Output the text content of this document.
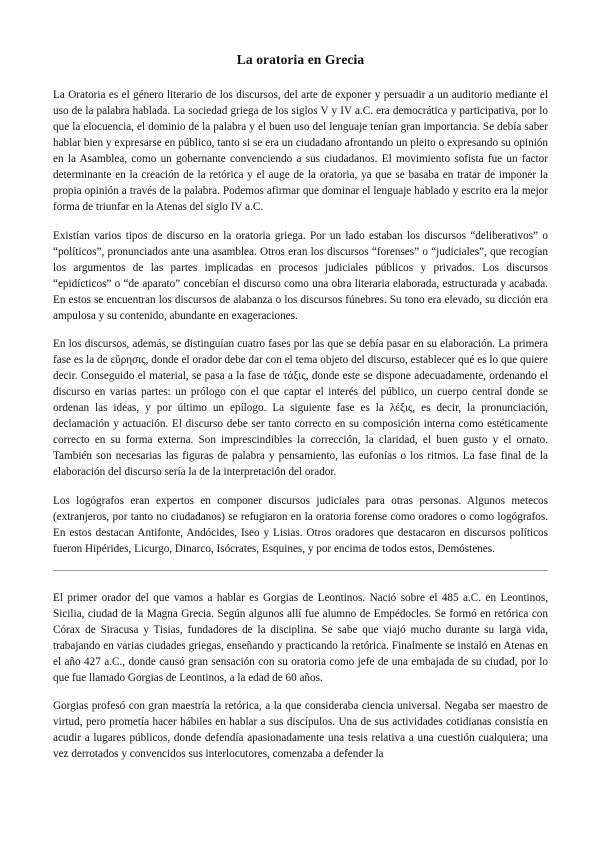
La oratoria en Grecia

La Oratoria es el género literario de los discursos, del arte de exponer y persuadir a un auditorio mediante el uso de la palabra hablada. La sociedad griega de los siglos V y IV a.C. era democrática y participativa, por lo que la elocuencia, el dominio de la palabra y el buen uso del lenguaje tenían gran importancia. Se debía saber hablar bien y expresarse en público, tanto si se era un ciudadano afrontando un pleito o expresando su opinión en la Asamblea, como un gobernante convenciendo a sus ciudadanos. El movimiento sofista fue un factor determinante en la creación de la retórica y el auge de la oratoria, ya que se basaba en tratar de imponer la propia opinión a través de la palabra. Podemos afirmar que dominar el lenguaje hablado y escrito era la mejor forma de triunfar en la Atenas del siglo IV a.C.

Existían varios tipos de discurso en la oratoria griega. Por un lado estaban los discursos “deliberativos” o “políticos”, pronunciados ante una asamblea. Otros eran los discursos “forenses” o “judiciales”, que recogían los argumentos de las partes implicadas en procesos judiciales públicos y privados. Los discursos “epidícticos” o “de aparato” concebían el discurso como una obra literaria elaborada, estructurada y acabada. En estos se encuentran los discursos de alabanza o los discursos fúnebres. Su tono era elevado, su dicción era ampulosa y su contenido, abundante en exageraciones.

En los discursos, además, se distinguían cuatro fases por las que se debía pasar en su elaboración. La primera fase es la de εὕρησις, donde el orador debe dar con el tema objeto del discurso, establecer qué es lo que quiere decir. Conseguido el material, se pasa a la fase de τάξις, donde este se dispone adecuadamente, ordenando el discurso en varias partes: un prólogo con el que captar el interés del público, un cuerpo central donde se ordenan las ideas, y por último un epílogo. La siguiente fase es la λέξις, es decir, la pronunciación, declamación y actuación. El discurso debe ser tanto correcto en su composición interna como estéticamente correcto en su forma externa. Son imprescindibles la corrección, la claridad, el buen gusto y el ornato. También son necesarias las figuras de palabra y pensamiento, las eufonías o los ritmos. La fase final de la elaboración del discurso sería la de la interpretación del orador.

Los logógrafos eran expertos en componer discursos judiciales para otras personas. Algunos metecos (extranjeros, por tanto no ciudadanos) se refugiaron en la oratoria forense como oradores o como logógrafos. En estos destacan Antifonte, Andócides, Iseo y Lisias. Otros oradores que destacaron en discursos políticos fueron Hipérides, Licurgo, Dinarco, Isócrates, Esquines, y por encima de todos estos, Demóstenes.

El primer orador del que vamos a hablar es Gorgias de Leontinos. Nació sobre el 485 a.C. en Leontinos, Sicilia, ciudad de la Magna Grecia. Según algunos allí fue alumno de Empédocles. Se formó en retórica con Córax de Siracusa y Tisias, fundadores de la disciplina. Se sabe que viajó mucho durante su larga vida, trabajando en varias ciudades griegas, enseñando y practicando la retórica. Finalmente se instaló en Atenas en el año 427 a.C., donde causó gran sensación con su oratoria como jefe de una embajada de su ciudad, por lo que fue llamado Gorgias de Leontinos, a la edad de 60 años.

Gorgias profesó con gran maestría la retórica, a la que consideraba ciencia universal. Negaba ser maestro de virtud, pero prometía hacer hábiles en hablar a sus discípulos. Una de sus actividades cotidianas consistía en acudir a lugares públicos, donde defendía apasionadamente una tesis relativa a una cuestión cualquiera; una vez derrotados y convencidos sus interlocutores, comenzaba a defender la
